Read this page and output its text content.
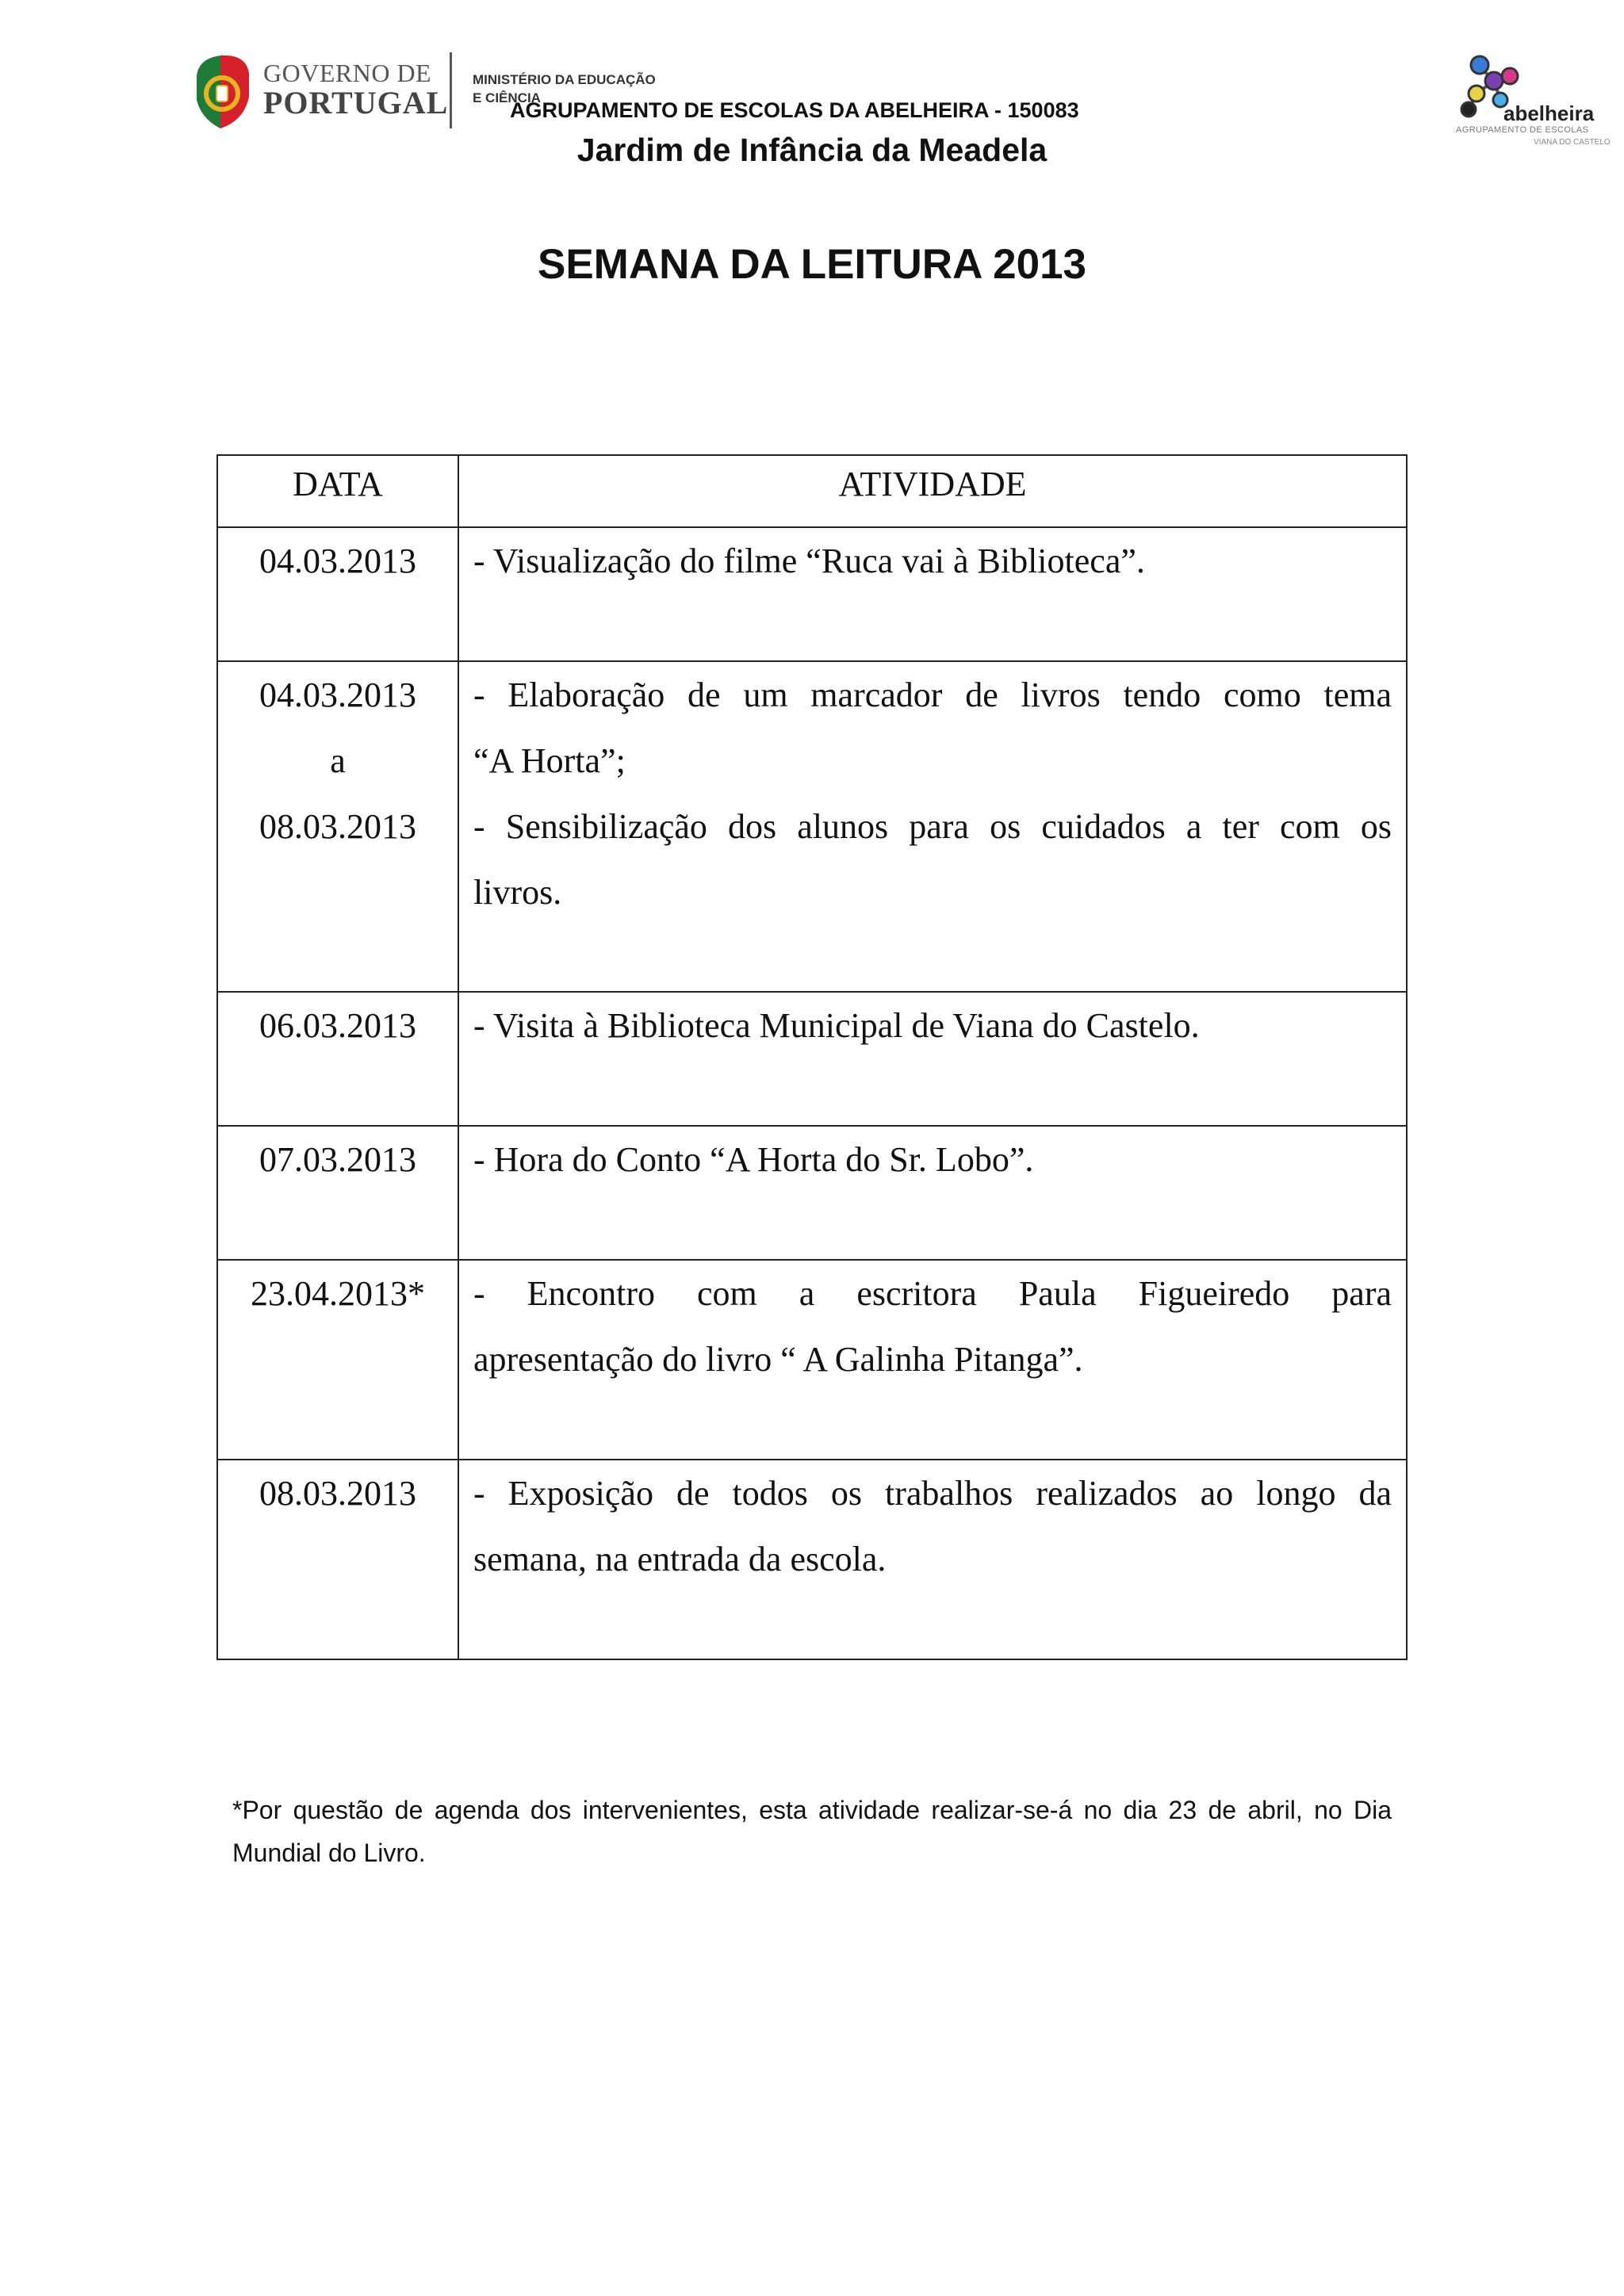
GOVERNO DE
PORTUGAL
MINISTÉRIO DA EDUCAÇÃO
E CIÊNCIA
abelheira
AGRUPAMENTO DE ESCOLAS
VIANA DO CASTELO
AGRUPAMENTO DE ESCOLAS DA ABELHEIRA - 150083
Jardim de Infância da Meadela
SEMANA DA LEITURA 2013
DATA	ATIVIDADE

04.03.2013	- Visualização do filme “Ruca vai à Biblioteca”.

04.03.2013
a
08.03.2013	- Elaboração de um marcador de livros tendo como tema
“A Horta”;
- Sensibilização dos alunos para os cuidados a ter com os
livros.

06.03.2013	- Visita à Biblioteca Municipal de Viana do Castelo.

07.03.2013	- Hora do Conto “A Horta do Sr. Lobo”.

23.04.2013*	- Encontro com a escritora Paula Figueiredo para
apresentação do livro “ A Galinha Pitanga”.

08.03.2013	- Exposição de todos os trabalhos realizados ao longo da
semana, na entrada da escola.
*Por questão de agenda dos intervenientes, esta atividade realizar-se-á no dia 23 de abril, no Dia Mundial do Livro.
